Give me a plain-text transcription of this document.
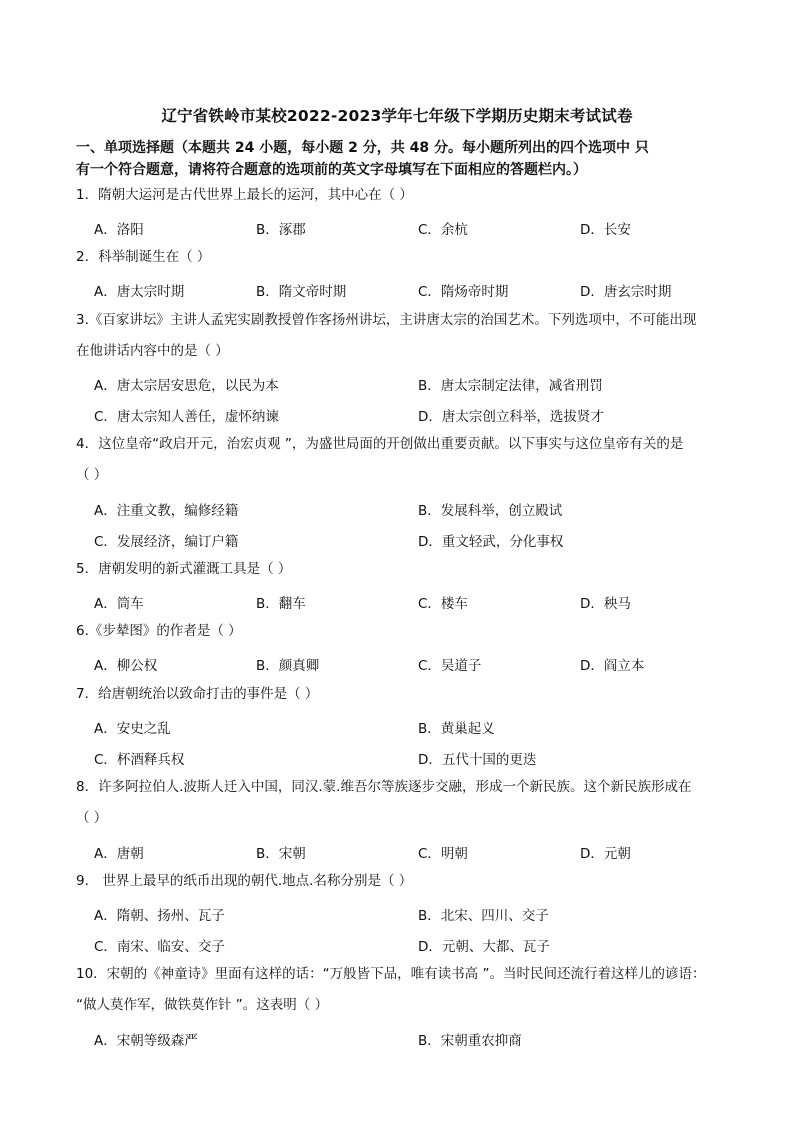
辽宁省铁岭市某校2022-2023学年七年级下学期历史期末考试试卷
一、单项选择题（本题共 24 小题，每小题 2 分，共 48 分。每小题所列出的四个选项中 只
有一个符合题意，请将符合题意的选项前的英文字母填写在下面相应的答题栏内。）
1．隋朝大运河是古代世界上最长的运河，其中心在（ ）
A．洛阳	B．涿郡	C．余杭	D．长安
2．科举制诞生在（ ）
A．唐太宗时期	B．隋文帝时期	C．隋炀帝时期	D．唐玄宗时期
3.《百家讲坛》主讲人孟宪实剧教授曾作客扬州讲坛，主讲唐太宗的治国艺术。下列选项中，不可能出现
在他讲话内容中的是（ ）
A．唐太宗居安思危，以民为本	B．唐太宗制定法律，减省刑罚
C．唐太宗知人善任，虚怀纳谏	D．唐太宗创立科举，选拔贤才
4．这位皇帝“政启开元，治宏贞观 ”，为盛世局面的开创做出重要贡献。以下事实与这位皇帝有关的是
（ ）
A．注重文教，编修经籍	B．发展科举，创立殿试
C．发展经济，编订户籍	D．重文轻武，分化事权
5．唐朝发明的新式灌溉工具是（ ）
A．筒车	B．翻车	C．楼车	D．秧马
6.《步辇图》的作者是（ ）
A．柳公权	B．颜真卿	C．吴道子	D．阎立本
7．给唐朝统治以致命打击的事件是（ ）
A．安史之乱	B．黄巢起义
C．杯酒释兵权	D．五代十国的更迭
8．许多阿拉伯人.波斯人迁入中国，同汉.蒙.维吾尔等族逐步交融，形成一个新民族。这个新民族形成在
（ ）
A．唐朝	B．宋朝	C．明朝	D．元朝
9． 世界上最早的纸币出现的朝代.地点.名称分别是（ ）
A．隋朝、扬州、瓦子	B．北宋、四川、交子
C．南宋、临安、交子	D．元朝、大都、瓦子
10．宋朝的《神童诗》里面有这样的话：“万般皆下品，唯有读书高 ”。当时民间还流行着这样儿的谚语：
“做人莫作军，做铁莫作针 ”。这表明（ ）
A．宋朝等级森严	B．宋朝重农抑商
